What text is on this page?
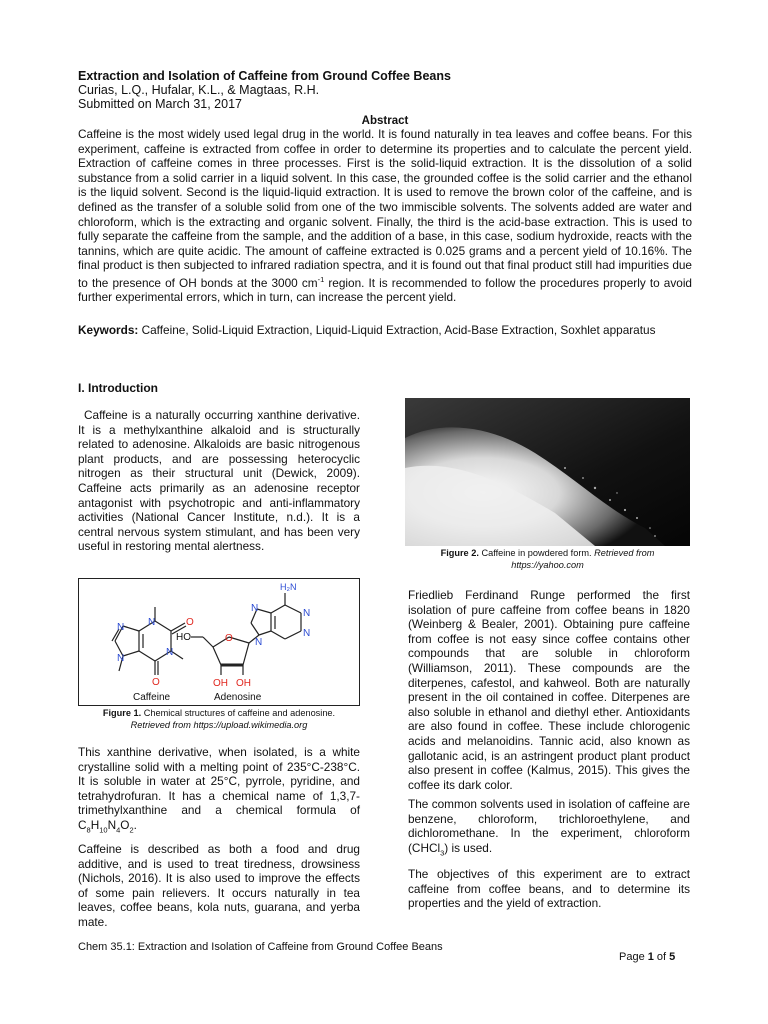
Extraction and Isolation of Caffeine from Ground Coffee Beans
Curias, L.Q., Hufalar, K.L., & Magtaas, R.H.
Submitted on March 31, 2017
Abstract
Caffeine is the most widely used legal drug in the world. It is found naturally in tea leaves and coffee beans. For this experiment, caffeine is extracted from coffee in order to determine its properties and to calculate the percent yield. Extraction of caffeine comes in three processes. First is the solid-liquid extraction. It is the dissolution of a solid substance from a solid carrier in a liquid solvent. In this case, the grounded coffee is the solid carrier and the ethanol is the liquid solvent. Second is the liquid-liquid extraction. It is used to remove the brown color of the caffeine, and is defined as the transfer of a soluble solid from one of the two immiscible solvents. The solvents added are water and chloroform, which is the extracting and organic solvent. Finally, the third is the acid-base extraction. This is used to fully separate the caffeine from the sample, and the addition of a base, in this case, sodium hydroxide, reacts with the tannins, which are quite acidic. The amount of caffeine extracted is 0.025 grams and a percent yield of 10.16%. The final product is then subjected to infrared radiation spectra, and it is found out that final product still had impurities due to the presence of OH bonds at the 3000 $cm^{-1}$ region. It is recommended to follow the procedures properly to avoid further experimental errors, which in turn, can increase the percent yield.
Keywords: Caffeine, Solid-Liquid Extraction, Liquid-Liquid Extraction, Acid-Base Extraction, Soxhlet apparatus
I. Introduction
Caffeine is a naturally occurring xanthine derivative. It is a methylxanthine alkaloid and is structurally related to adenosine. Alkaloids are basic nitrogenous plant products, and are possessing heterocyclic nitrogen as their structural unit (Dewick, 2009). Caffeine acts primarily as an adenosine receptor antagonist with psychotropic and anti-inflammatory activities (National Cancer Institute, n.d.). It is a central nervous system stimulant, and has been very useful in restoring mental alertness.
N
N
N
N
O
O
Caffeine
H₂N
N
N
N
N
O
HO
OH OH
Adenosine
Figure 1. Chemical structures of caffeine and adenosine.
Retrieved from https://upload.wikimedia.org
This xanthine derivative, when isolated, is a white crystalline solid with a melting point of 235°C-238°C. It is soluble in water at 25°C, pyrrole, pyridine, and tetrahydrofuran. It has a chemical name of 1,3,7-trimethylxanthine and a chemical formula of $C_8H_{10}N_4O_2$.
Caffeine is described as both a food and drug additive, and is used to treat tiredness, drowsiness (Nichols, 2016). It is also used to improve the effects of some pain relievers. It occurs naturally in tea leaves, coffee beans, kola nuts, guarana, and yerba mate.
Figure 2. Caffeine in powdered form. Retrieved from https://yahoo.com
Friedlieb Ferdinand Runge performed the first isolation of pure caffeine from coffee beans in 1820 (Weinberg & Bealer, 2001). Obtaining pure caffeine from coffee is not easy since coffee contains other compounds that are soluble in chloroform (Williamson, 2011). These compounds are the diterpenes, cafestol, and kahweol. Both are naturally present in the oil contained in coffee. Diterpenes are also soluble in ethanol and diethyl ether. Antioxidants are also found in coffee. These include chlorogenic acids and melanoidins. Tannic acid, also known as gallotanic acid, is an astringent product plant product also present in coffee (Kalmus, 2015). This gives the coffee its dark color.
The common solvents used in isolation of caffeine are benzene, chloroform, trichloroethylene, and dichloromethane. In the experiment, chloroform (CHCl$_3$) is used.
The objectives of this experiment are to extract caffeine from coffee beans, and to determine its properties and the yield of extraction.
Chem 35.1: Extraction and Isolation of Caffeine from Ground Coffee Beans
Page 1 of 5
